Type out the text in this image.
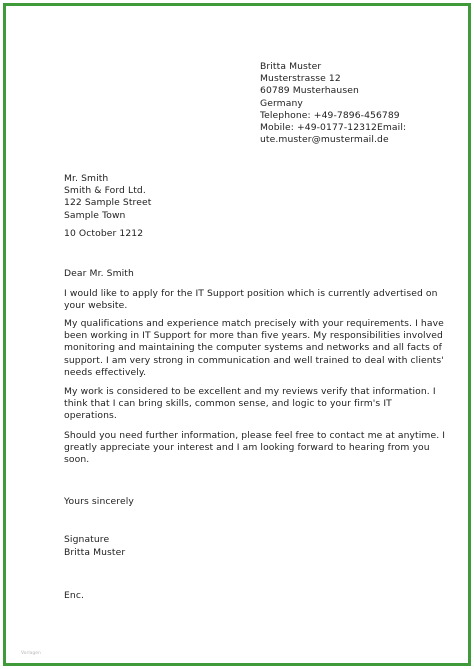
Britta Muster
Musterstrasse 12
60789 Musterhausen
Germany
Telephone: +49-7896-456789
Mobile: +49-0177-12312Email:
ute.muster@mustermail.de
Mr. Smith
Smith & Ford Ltd.
122 Sample Street
Sample Town
10 October 1212
Dear Mr. Smith
I would like to apply for the IT Support position which is currently advertised on
your website.
My qualifications and experience match precisely with your requirements. I have
been working in IT Support for more than five years. My responsibilities involved
monitoring and maintaining the computer systems and networks and all facts of
support. I am very strong in communication and well trained to deal with clients'
needs effectively.
My work is considered to be excellent and my reviews verify that information. I
think that I can bring skills, common sense, and logic to your firm's IT
operations.
Should you need further information, please feel free to contact me at anytime. I
greatly appreciate your interest and I am looking forward to hearing from you
soon.
Yours sincerely
Signature
Britta Muster
Enc.
Vorlagen
